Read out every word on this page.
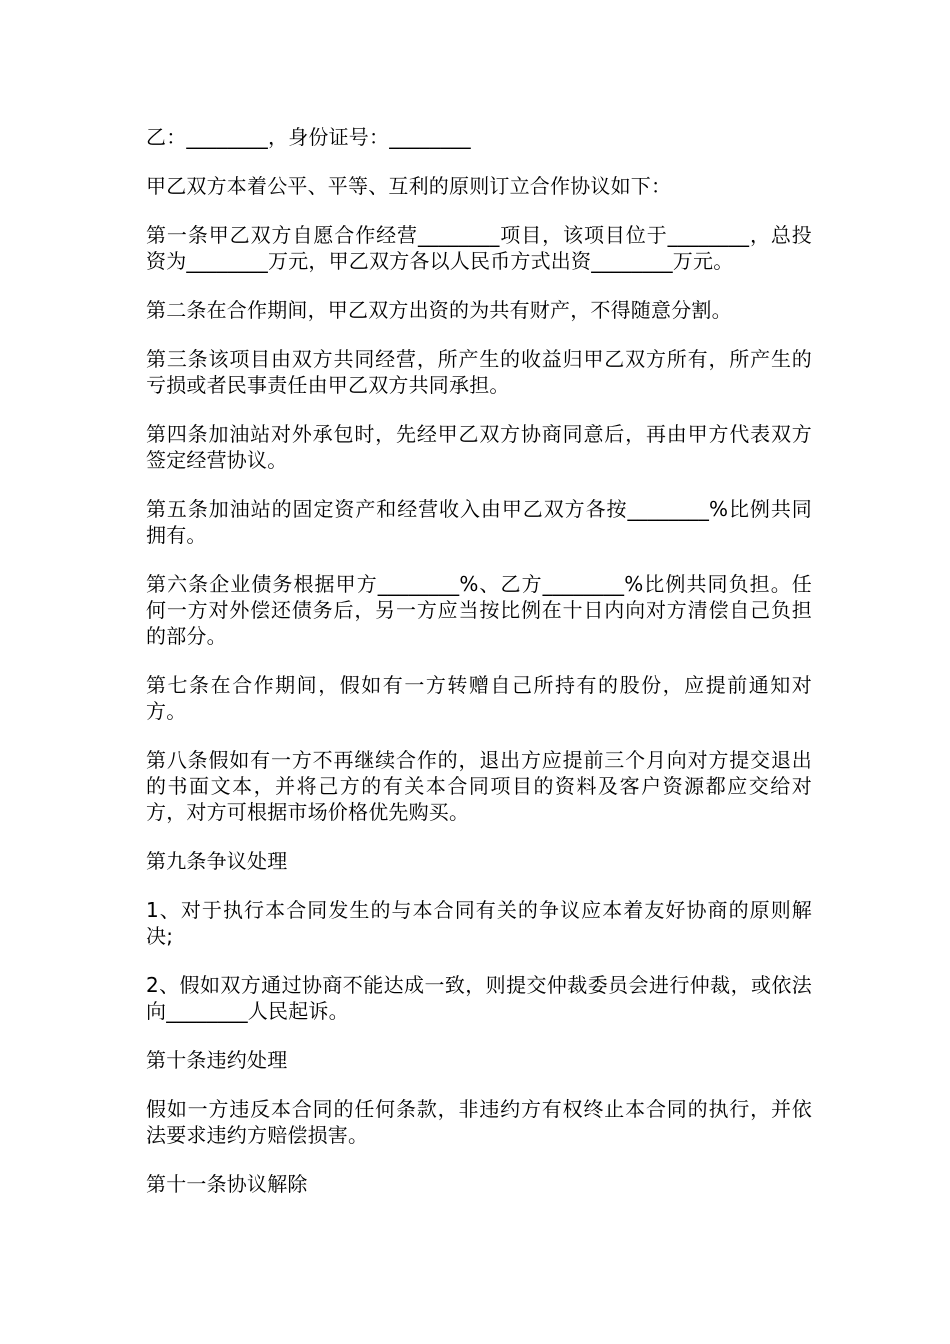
乙：________，身份证号：________

甲乙双方本着公平、平等、互利的原则订立合作协议如下：

第一条甲乙双方自愿合作经营________项目，该项目位于________，总投资为________万元，甲乙双方各以人民币方式出资________万元。

第二条在合作期间，甲乙双方出资的为共有财产，不得随意分割。

第三条该项目由双方共同经营，所产生的收益归甲乙双方所有，所产生的亏损或者民事责任由甲乙双方共同承担。

第四条加油站对外承包时，先经甲乙双方协商同意后，再由甲方代表双方签定经营协议。

第五条加油站的固定资产和经营收入由甲乙双方各按________%比例共同拥有。

第六条企业债务根据甲方________%、乙方________%比例共同负担。任何一方对外偿还债务后，另一方应当按比例在十日内向对方清偿自己负担的部分。

第七条在合作期间，假如有一方转赠自己所持有的股份，应提前通知对方。

第八条假如有一方不再继续合作的，退出方应提前三个月向对方提交退出的书面文本，并将己方的有关本合同项目的资料及客户资源都应交给对方，对方可根据市场价格优先购买。

第九条争议处理

1、对于执行本合同发生的与本合同有关的争议应本着友好协商的原则解决;

2、假如双方通过协商不能达成一致，则提交仲裁委员会进行仲裁，或依法向________人民起诉。

第十条违约处理

假如一方违反本合同的任何条款，非违约方有权终止本合同的执行，并依法要求违约方赔偿损害。

第十一条协议解除
